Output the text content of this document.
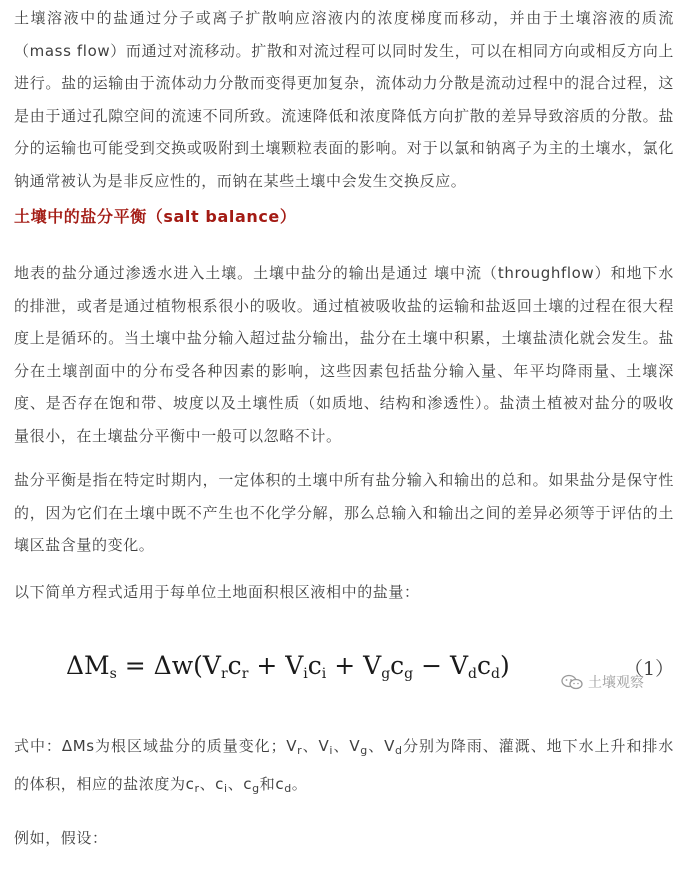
土壤溶液中的盐通过分子或离子扩散响应溶液内的浓度梯度而移动，并由于土壤溶液的质流（mass flow）而通过对流移动。扩散和对流过程可以同时发生，可以在相同方向或相反方向上进行。盐的运输由于流体动力分散而变得更加复杂，流体动力分散是流动过程中的混合过程，这是由于通过孔隙空间的流速不同所致。流速降低和浓度降低方向扩散的差异导致溶质的分散。盐分的运输也可能受到交换或吸附到土壤颗粒表面的影响。对于以氯和钠离子为主的土壤水，氯化钠通常被认为是非反应性的，而钠在某些土壤中会发生交换反应。

土壤中的盐分平衡（salt balance）

地表的盐分通过渗透水进入土壤。土壤中盐分的输出是通过 壤中流（throughflow）和地下水的排泄，或者是通过植物根系很小的吸收。通过植被吸收盐的运输和盐返回土壤的过程在很大程度上是循环的。当土壤中盐分输入超过盐分输出，盐分在土壤中积累，土壤盐渍化就会发生。盐分在土壤剖面中的分布受各种因素的影响，这些因素包括盐分输入量、年平均降雨量、土壤深度、是否存在饱和带、坡度以及土壤性质（如质地、结构和渗透性）。盐渍土植被对盐分的吸收量很小，在土壤盐分平衡中一般可以忽略不计。

盐分平衡是指在特定时期内，一定体积的土壤中所有盐分输入和输出的总和。如果盐分是保守性的，因为它们在土壤中既不产生也不化学分解，那么总输入和输出之间的差异必须等于评估的土壤区盐含量的变化。

以下简单方程式适用于每单位土地面积根区液相中的盐量：

$\Delta M_s = \Delta w(V_rc_r + V_ic_i + V_gc_g - V_dc_d)$	（1）
土壤观察

式中：ΔMs为根区域盐分的质量变化；$V_r$、$V_i$、$V_g$、$V_d$分别为降雨、灌溉、地下水上升和排水的体积，相应的盐浓度为$c_r$、$c_i$、$c_g$和$c_d$。

例如，假设：
